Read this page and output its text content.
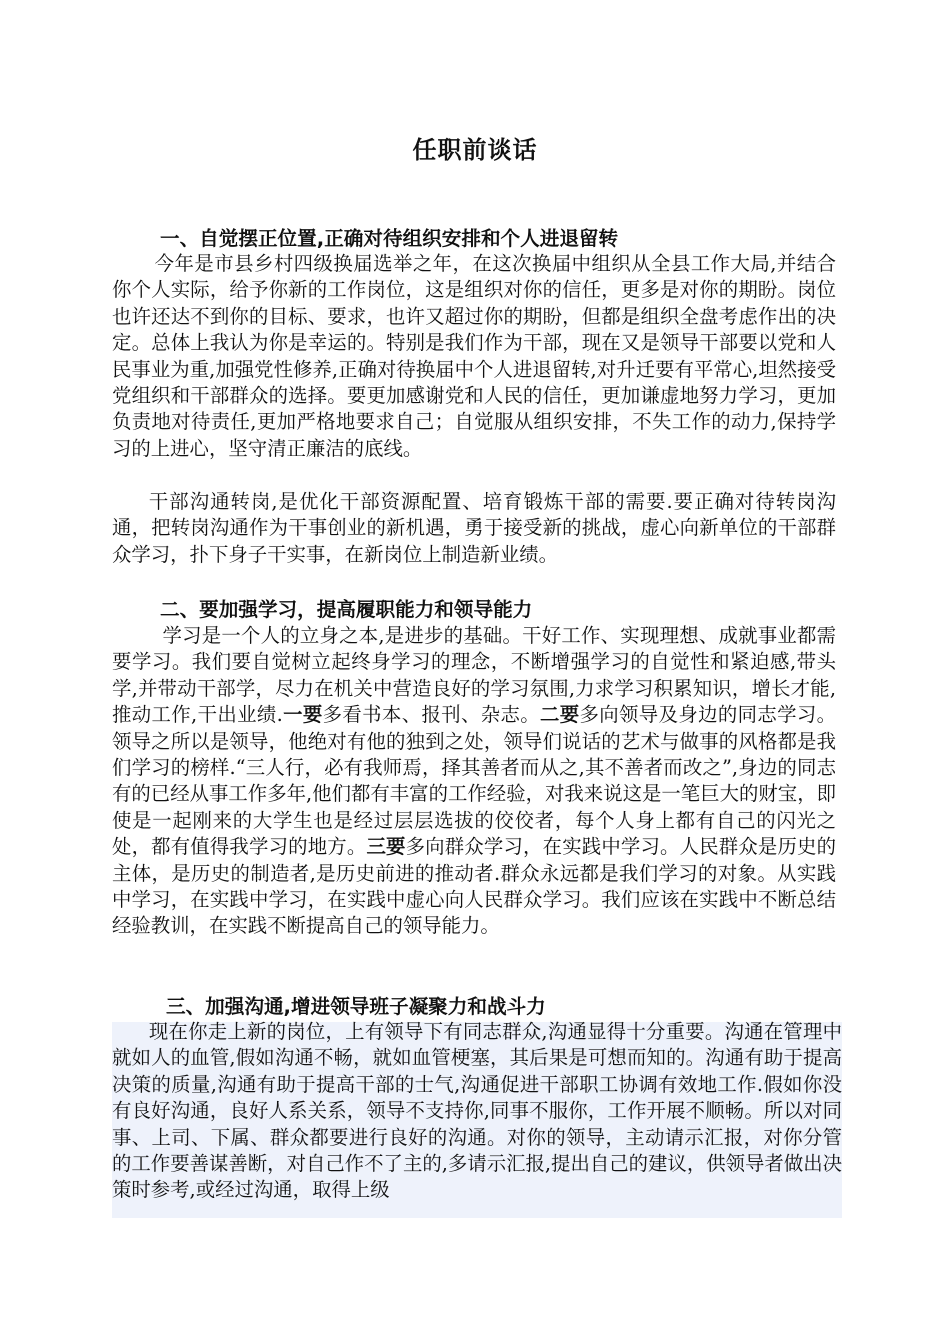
任职前谈话
一、自觉摆正位置,正确对待组织安排和个人进退留转
今年是市县乡村四级换届选举之年，在这次换届中组织从全县工作大局,并结合你个人实际，给予你新的工作岗位，这是组织对你的信任，更多是对你的期盼。岗位也许还达不到你的目标、要求，也许又超过你的期盼，但都是组织全盘考虑作出的决定。总体上我认为你是幸运的。特别是我们作为干部，现在又是领导干部要以党和人民事业为重,加强党性修养,正确对待换届中个人进退留转,对升迁要有平常心,坦然接受党组织和干部群众的选择。要更加感谢党和人民的信任，更加谦虚地努力学习，更加负责地对待责任,更加严格地要求自己；自觉服从组织安排，不失工作的动力,保持学习的上进心，坚守清正廉洁的底线。
干部沟通转岗,是优化干部资源配置、培育锻炼干部的需要.要正确对待转岗沟通，把转岗沟通作为干事创业的新机遇，勇于接受新的挑战，虚心向新单位的干部群众学习，扑下身子干实事，在新岗位上制造新业绩。
二、要加强学习，提高履职能力和领导能力
学习是一个人的立身之本,是进步的基础。干好工作、实现理想、成就事业都需要学习。我们要自觉树立起终身学习的理念，不断增强学习的自觉性和紧迫感,带头学,并带动干部学，尽力在机关中营造良好的学习氛围,力求学习积累知识，增长才能,推动工作,干出业绩.一要多看书本、报刊、杂志。二要多向领导及身边的同志学习。领导之所以是领导，他绝对有他的独到之处，领导们说话的艺术与做事的风格都是我们学习的榜样.“三人行，必有我师焉，择其善者而从之,其不善者而改之”,身边的同志有的已经从事工作多年,他们都有丰富的工作经验，对我来说这是一笔巨大的财宝，即使是一起刚来的大学生也是经过层层选拔的佼佼者，每个人身上都有自己的闪光之处，都有值得我学习的地方。三要多向群众学习，在实践中学习。人民群众是历史的主体，是历史的制造者,是历史前进的推动者.群众永远都是我们学习的对象。从实践中学习，在实践中学习，在实践中虚心向人民群众学习。我们应该在实践中不断总结经验教训，在实践不断提高自己的领导能力。
三、加强沟通,增进领导班子凝聚力和战斗力
现在你走上新的岗位，上有领导下有同志群众,沟通显得十分重要。沟通在管理中就如人的血管,假如沟通不畅，就如血管梗塞，其后果是可想而知的。沟通有助于提高决策的质量,沟通有助于提高干部的士气,沟通促进干部职工协调有效地工作.假如你没有良好沟通，良好人系关系，领导不支持你,同事不服你，工作开展不顺畅。所以对同事、上司、下属、群众都要进行良好的沟通。对你的领导，主动请示汇报，对你分管的工作要善谋善断，对自己作不了主的,多请示汇报,提出自己的建议，供领导者做出决策时参考,或经过沟通，取得上级
